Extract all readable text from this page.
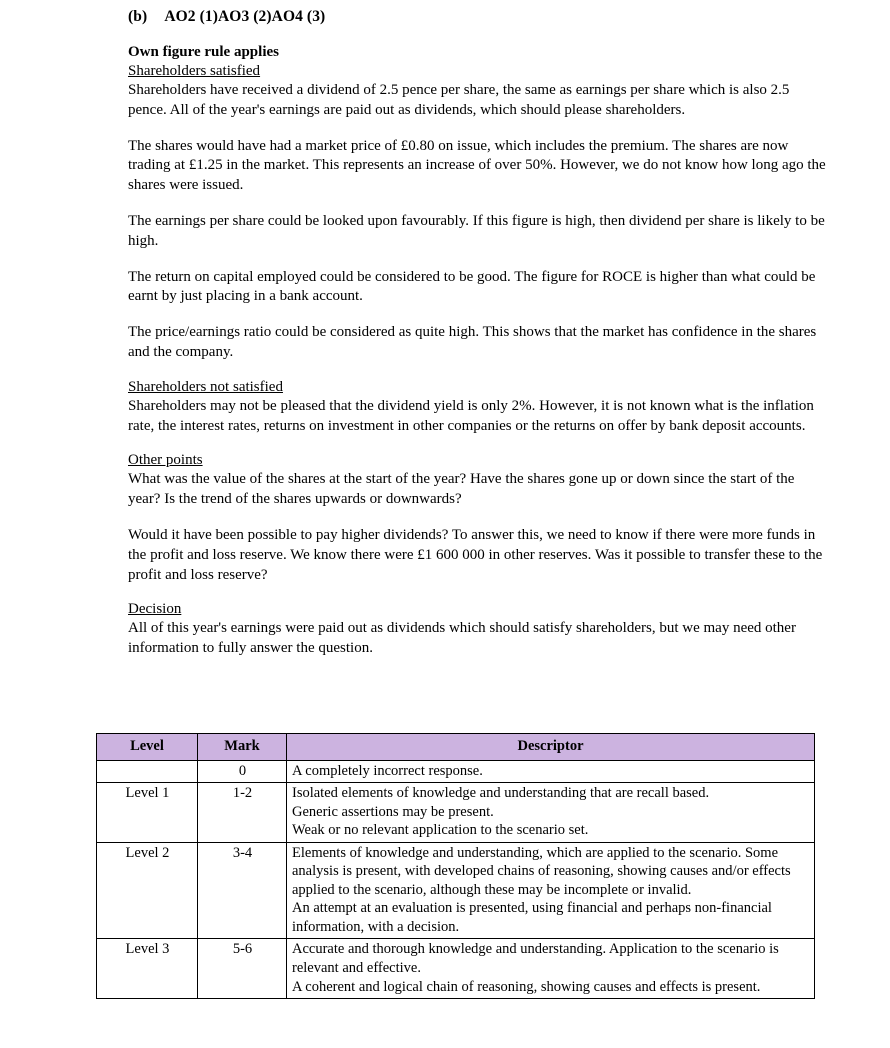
(b) AO2 (1)AO3 (2)AO4 (3)
Own figure rule applies
Shareholders satisfied

Shareholders have received a dividend of 2.5 pence per share, the same as earnings per share which is also 2.5 pence. All of the year's earnings are paid out as dividends, which should please shareholders.

The shares would have had a market price of £0.80 on issue, which includes the premium. The shares are now trading at £1.25 in the market. This represents an increase of over 50%. However, we do not know how long ago the shares were issued.

The earnings per share could be looked upon favourably. If this figure is high, then dividend per share is likely to be high.

The return on capital employed could be considered to be good. The figure for ROCE is higher than what could be earnt by just placing in a bank account.

The price/earnings ratio could be considered as quite high. This shows that the market has confidence in the shares and the company.

Shareholders not satisfied

Shareholders may not be pleased that the dividend yield is only 2%. However, it is not known what is the inflation rate, the interest rates, returns on investment in other companies or the returns on offer by bank deposit accounts.

Other points

What was the value of the shares at the start of the year? Have the shares gone up or down since the start of the year? Is the trend of the shares upwards or downwards?

Would it have been possible to pay higher dividends? To answer this, we need to know if there were more funds in the profit and loss reserve. We know there were £1 600 000 in other reserves. Was it possible to transfer these to the profit and loss reserve?

Decision

All of this year's earnings were paid out as dividends which should satisfy shareholders, but we may need other information to fully answer the question.

Level	Mark	Descriptor
	0	A completely incorrect response.

Level 1	1-2	Isolated elements of knowledge and understanding that are recall based.
Generic assertions may be present.
Weak or no relevant application to the scenario set.

Level 2	3-4	Elements of knowledge and understanding, which are applied to the scenario. Some analysis is present, with developed chains of reasoning, showing causes and/or effects applied to the scenario, although these may be incomplete or invalid.
An attempt at an evaluation is presented, using financial and perhaps non-financial information, with a decision.

Level 3	5-6	Accurate and thorough knowledge and understanding. Application to the scenario is relevant and effective.
A coherent and logical chain of reasoning, showing causes and effects is present.
